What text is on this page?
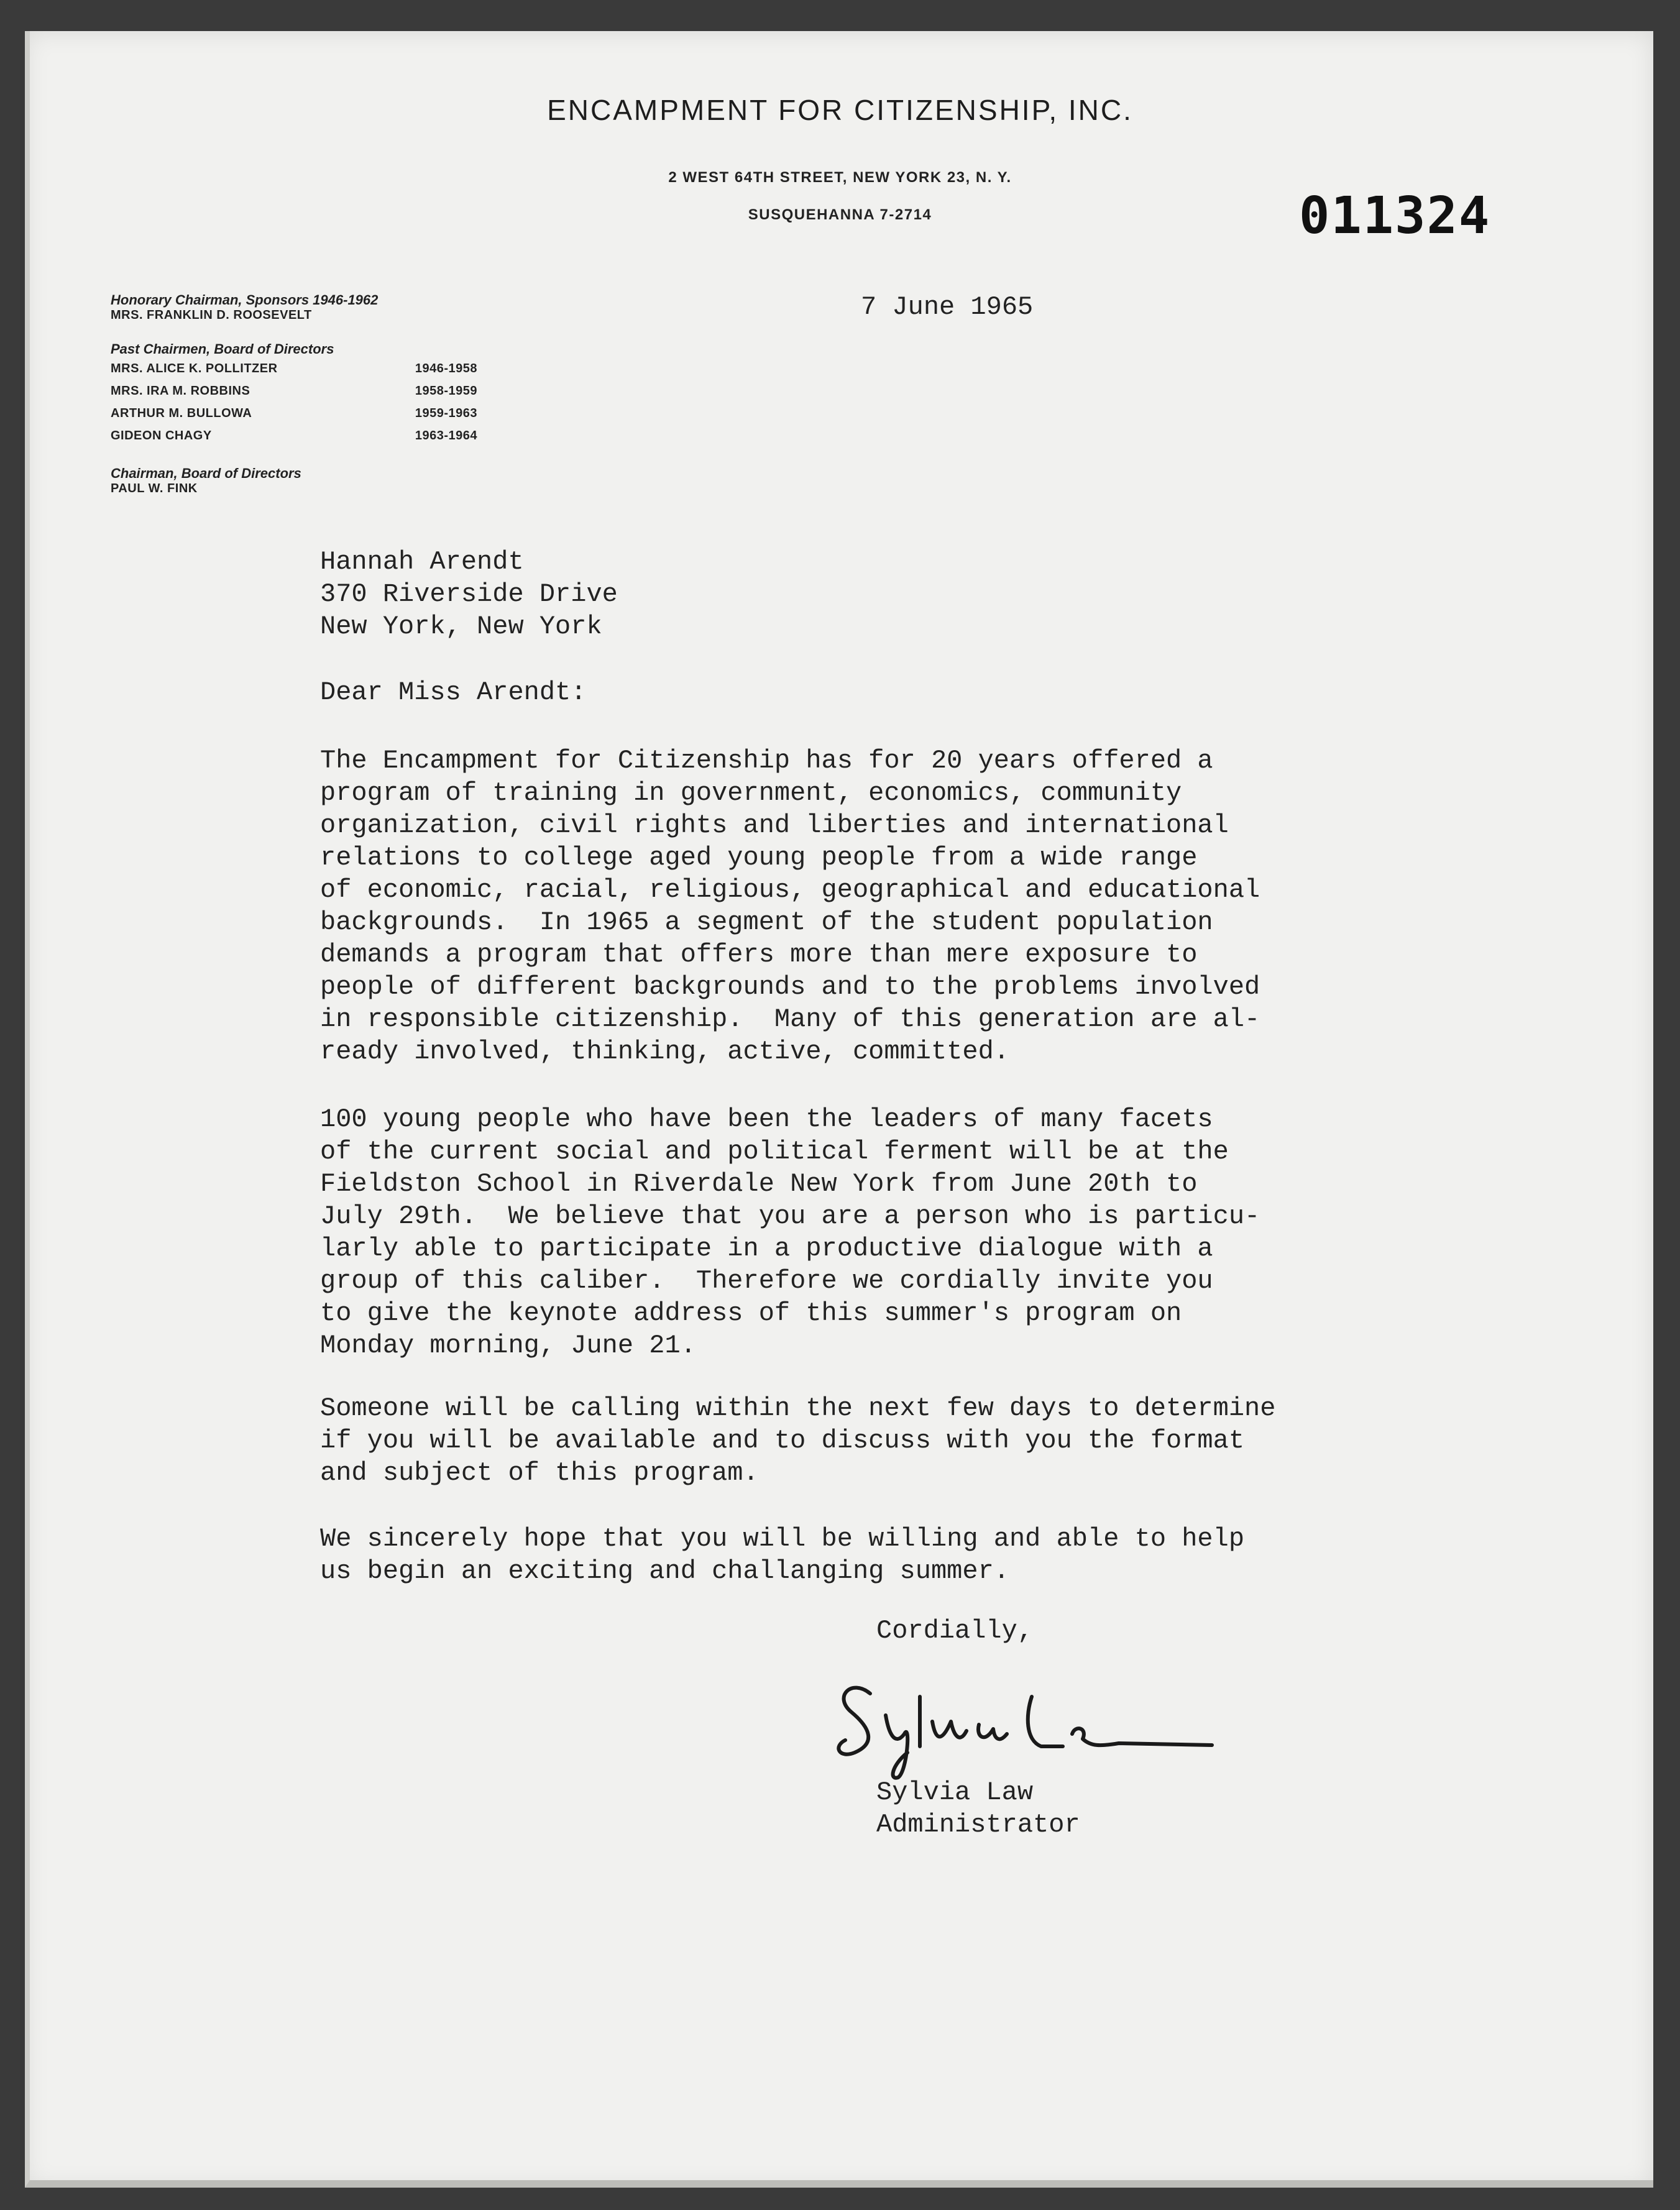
ENCAMPMENT FOR CITIZENSHIP, INC.
2 WEST 64TH STREET, NEW YORK 23, N. Y.
SUSQUEHANNA 7-2714	011324
7 June 1965
Honorary Chairman, Sponsors 1946-1962
MRS. FRANKLIN D. ROOSEVELT
Past Chairmen, Board of Directors
MRS. ALICE K. POLLITZER	1946-1958
MRS. IRA M. ROBBINS	1958-1959
ARTHUR M. BULLOWA	1959-1963
GIDEON CHAGY	1963-1964
Chairman, Board of Directors
PAUL W. FINK
Hannah Arendt
370 Riverside Drive
New York, New York
Dear Miss Arendt:
The Encampment for Citizenship has for 20 years offered a
program of training in government, economics, community
organization, civil rights and liberties and international
relations to college aged young people from a wide range
of economic, racial, religious, geographical and educational
backgrounds.  In 1965 a segment of the student population
demands a program that offers more than mere exposure to
people of different backgrounds and to the problems involved
in responsible citizenship.  Many of this generation are al-
ready involved, thinking, active, committed.
100 young people who have been the leaders of many facets
of the current social and political ferment will be at the
Fieldston School in Riverdale New York from June 20th to
July 29th.  We believe that you are a person who is particu-
larly able to participate in a productive dialogue with a
group of this caliber.  Therefore we cordially invite you
to give the keynote address of this summer's program on
Monday morning, June 21.
Someone will be calling within the next few days to determine
if you will be available and to discuss with you the format
and subject of this program.
We sincerely hope that you will be willing and able to help
us begin an exciting and challanging summer.
Cordially,
Sylvia Law
Administrator
